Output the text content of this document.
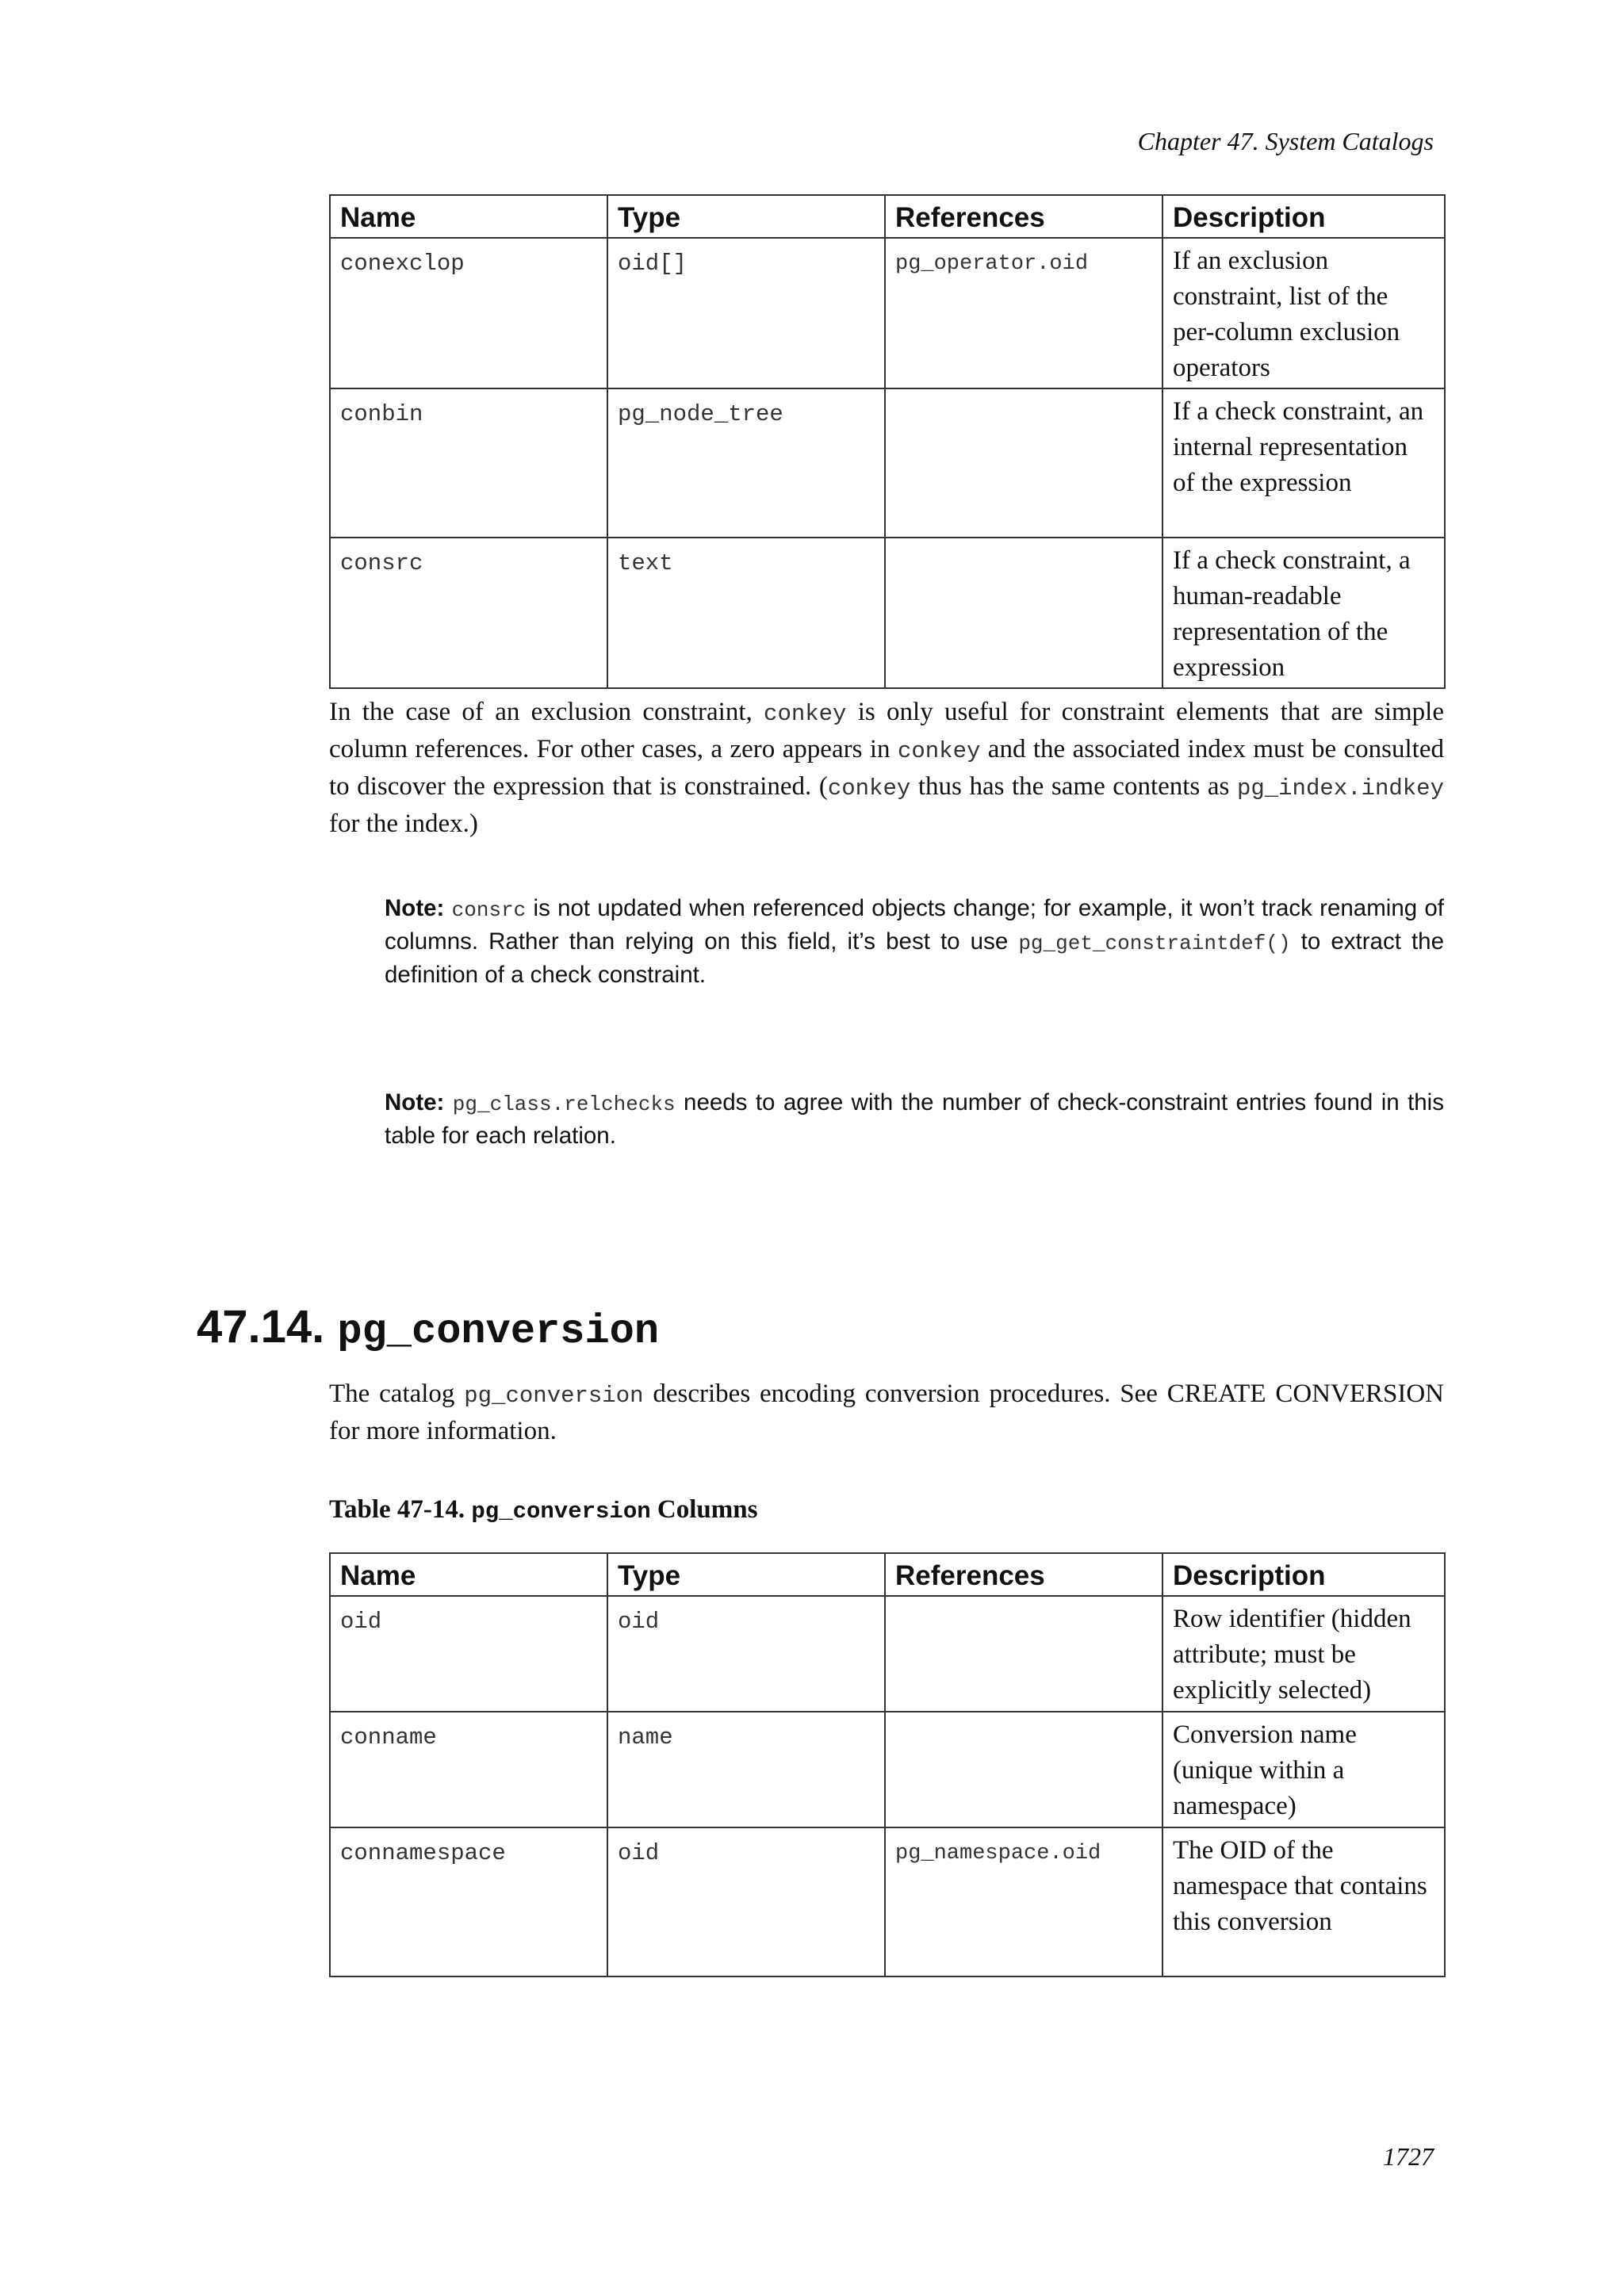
Chapter 47. System Catalogs
Name	Type	References	Description
conexclop	oid[]	pg_operator.oid	If an exclusion constraint, list of the per-column exclusion operators
conbin	pg_node_tree		If a check constraint, an internal representation of the expression
consrc	text		If a check constraint, a human-readable representation of the expression

In the case of an exclusion constraint, conkey is only useful for constraint elements that are simple column references. For other cases, a zero appears in conkey and the associated index must be consulted to discover the expression that is constrained. (conkey thus has the same contents as pg_index.indkey for the index.)

Note: consrc is not updated when referenced objects change; for example, it won’t track renaming of columns. Rather than relying on this field, it’s best to use pg_get_constraintdef() to extract the definition of a check constraint.

Note: pg_class.relchecks needs to agree with the number of check-constraint entries found in this table for each relation.

47.14. pg_conversion

The catalog pg_conversion describes encoding conversion procedures. See CREATE CONVERSION for more information.

Table 47-14. pg_conversion Columns
Name	Type	References	Description
oid	oid		Row identifier (hidden attribute; must be explicitly selected)
conname	name		Conversion name (unique within a namespace)
connamespace	oid	pg_namespace.oid	The OID of the namespace that contains this conversion
1727
